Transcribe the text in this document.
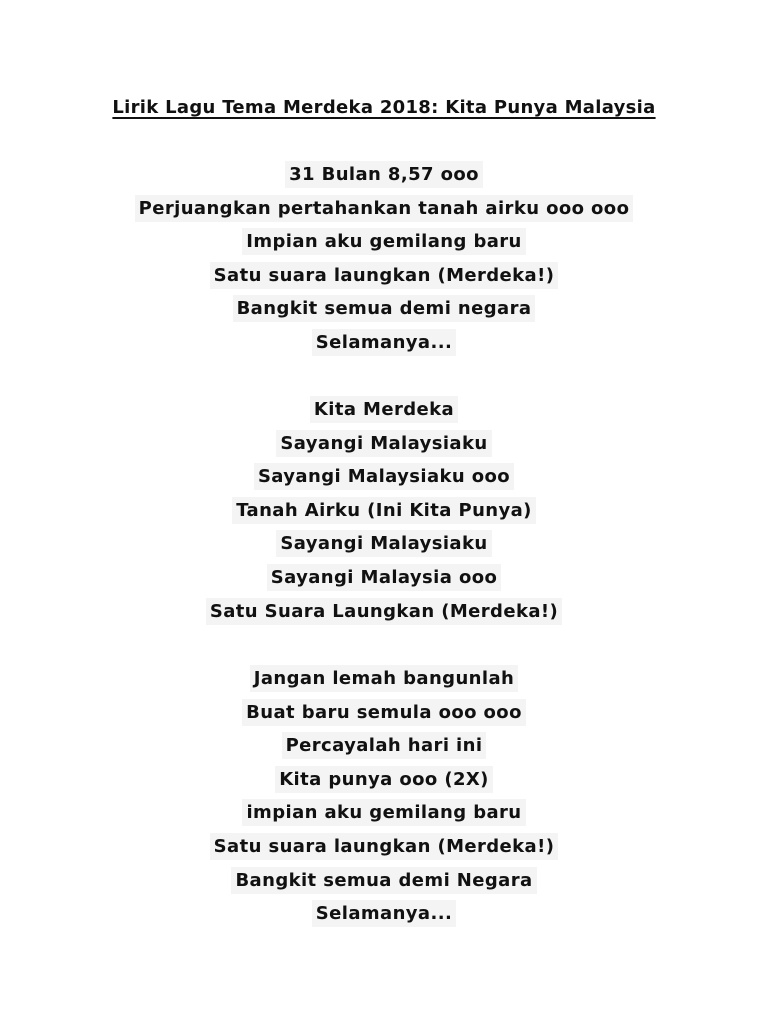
Lirik Lagu Tema Merdeka 2018: Kita Punya Malaysia
31 Bulan 8,57 ooo
Perjuangkan pertahankan tanah airku ooo ooo
Impian aku gemilang baru
Satu suara laungkan (Merdeka!)
Bangkit semua demi negara
Selamanya...
Kita Merdeka
Sayangi Malaysiaku
Sayangi Malaysiaku ooo
Tanah Airku (Ini Kita Punya)
Sayangi Malaysiaku
Sayangi Malaysia ooo
Satu Suara Laungkan (Merdeka!)
Jangan lemah bangunlah
Buat baru semula ooo ooo
Percayalah hari ini
Kita punya ooo (2X)
impian aku gemilang baru
Satu suara laungkan (Merdeka!)
Bangkit semua demi Negara
Selamanya...
